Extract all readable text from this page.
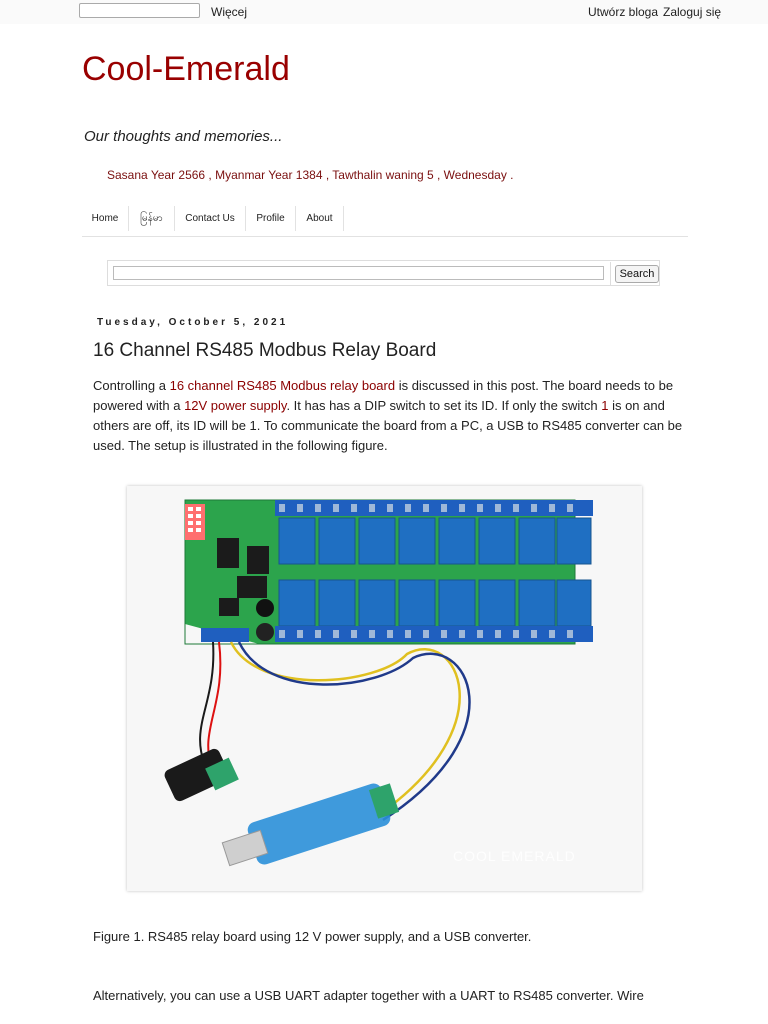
Więcej	Utwórz bloga Zaloguj się
Cool-Emerald
Our thoughts and memories...
Sasana Year 2566 , Myanmar Year 1384 , Tawthalin waning 5 , Wednesday .
Home	မြန်မာ	Contact Us	Profile	About
Search
Tuesday, October 5, 2021
16 Channel RS485 Modbus Relay Board
Controlling a 16 channel RS485 Modbus relay board is discussed in this post. The board needs to be powered with a 12V power supply. It has has a DIP switch to set its ID. If only the switch 1 is on and others are off, its ID will be 1. To communicate the board from a PC, a USB to RS485 converter can be used. The setup is illustrated in the following figure.
COOL EMERALD
Figure 1. RS485 relay board using 12 V power supply, and a USB converter.
Alternatively, you can use a USB UART adapter together with a UART to RS485 converter. Wire
